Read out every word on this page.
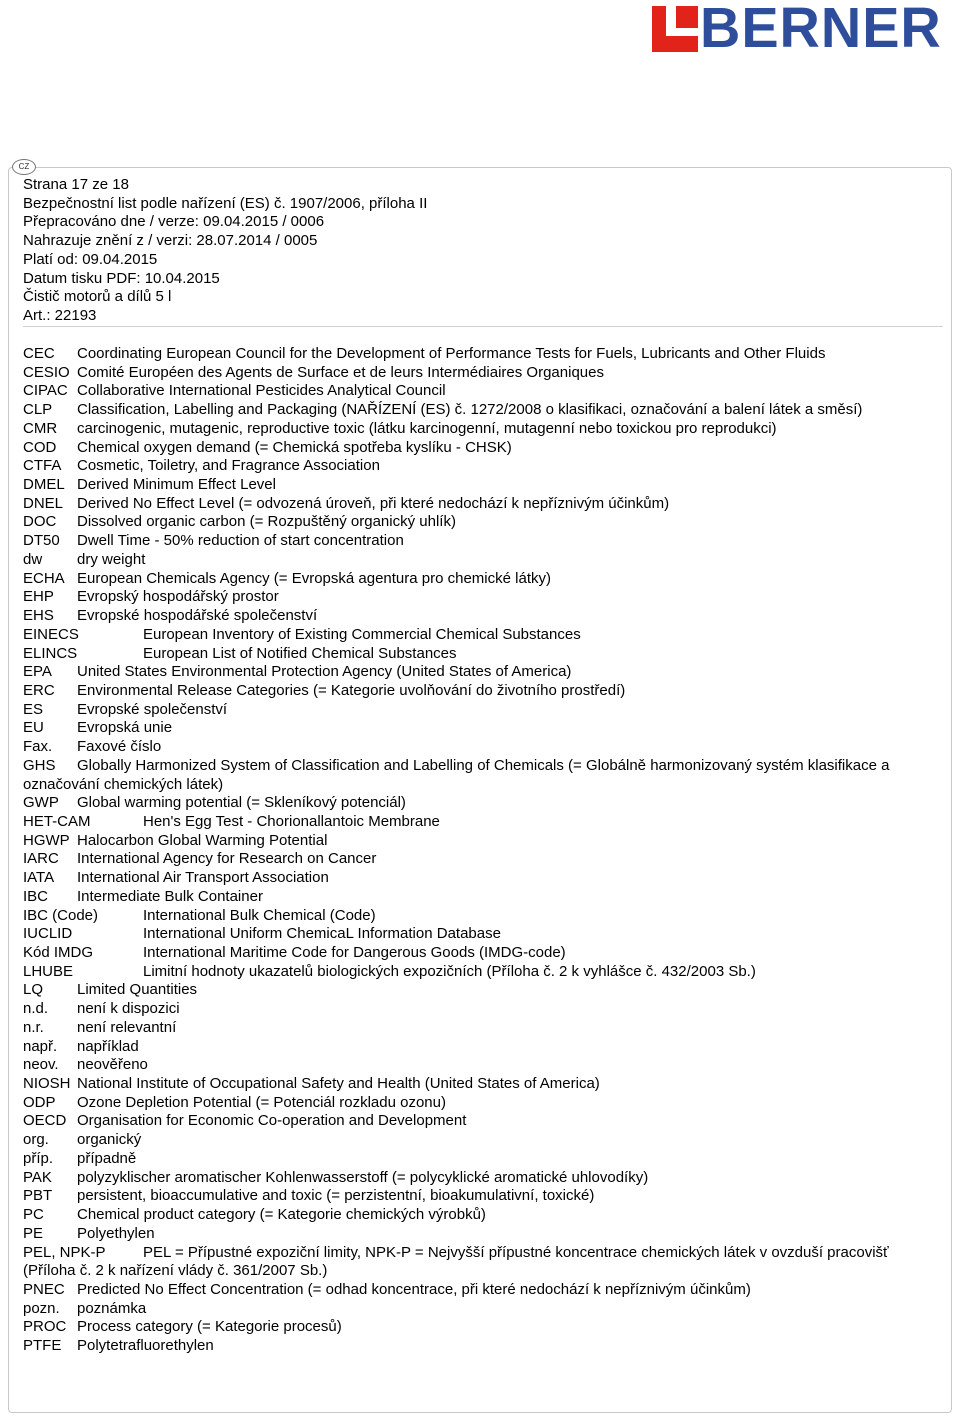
BERNER
CZ
Strana 17 ze 18
Bezpečnostní list podle nařízení (ES) č. 1907/2006, příloha II
Přepracováno dne / verze: 09.04.2015 / 0006
Nahrazuje znění z / verzi: 28.07.2014 / 0005
Platí od: 09.04.2015
Datum tisku PDF: 10.04.2015
Čistič motorů a dílů 5 l
Art.: 22193
CEC	Coordinating European Council for the Development of Performance Tests for Fuels, Lubricants and Other Fluids
CESIO Comité Européen des Agents de Surface et de leurs Intermédiaires Organiques
CIPAC Collaborative International Pesticides Analytical Council
CLP	Classification, Labelling and Packaging (NAŘÍZENÍ (ES) č. 1272/2008 o klasifikaci, označování a balení látek a směsí)
CMR	carcinogenic, mutagenic, reproductive toxic (látku karcinogenní, mutagenní nebo toxickou pro reprodukci)
COD	Chemical oxygen demand (= Chemická spotřeba kyslíku - CHSK)
CTFA	Cosmetic, Toiletry, and Fragrance Association
DMEL Derived Minimum Effect Level
DNEL Derived No Effect Level (= odvozená úroveň, při které nedochází k nepříznivým účinkům)
DOC	Dissolved organic carbon (= Rozpuštěný organický uhlík)
DT50	Dwell Time - 50% reduction of start concentration
dw	dry weight
ECHA European Chemicals Agency (= Evropská agentura pro chemické látky)
EHP	Evropský hospodářský prostor
EHS	Evropské hospodářské společenství
EINECS	European Inventory of Existing Commercial Chemical Substances
ELINCS	European List of Notified Chemical Substances
EPA	United States Environmental Protection Agency (United States of America)
ERC	Environmental Release Categories (= Kategorie uvolňování do životního prostředí)
ES	Evropské společenství
EU	Evropská unie
Fax.	Faxové číslo
GHS	Globally Harmonized System of Classification and Labelling of Chemicals (= Globálně harmonizovaný systém klasifikace a označování chemických látek)
GWP	Global warming potential (= Skleníkový potenciál)
HET-CAM	Hen's Egg Test - Chorionallantoic Membrane
HGWP Halocarbon Global Warming Potential
IARC	International Agency for Research on Cancer
IATA	International Air Transport Association
IBC	Intermediate Bulk Container
IBC (Code)	International Bulk Chemical (Code)
IUCLID	International Uniform ChemicaL Information Database
Kód IMDG	International Maritime Code for Dangerous Goods (IMDG-code)
LHUBE	Limitní hodnoty ukazatelů biologických expozičních (Příloha č. 2 k vyhlášce č. 432/2003 Sb.)
LQ	Limited Quantities
n.d.	není k dispozici
n.r.	není relevantní
např.	například
neov.	neověřeno
NIOSH National Institute of Occupational Safety and Health (United States of America)
ODP	Ozone Depletion Potential (= Potenciál rozkladu ozonu)
OECD Organisation for Economic Co-operation and Development
org.	organický
příp.	případně
PAK	polyzyklischer aromatischer Kohlenwasserstoff (= polycyklické aromatické uhlovodíky)
PBT	persistent, bioaccumulative and toxic (= perzistentní, bioakumulativní, toxické)
PC	Chemical product category (= Kategorie chemických výrobků)
PE	Polyethylen
PEL, NPK-P	PEL = Přípustné expoziční limity, NPK-P = Nejvyšší přípustné koncentrace chemických látek v ovzduší pracovišť (Příloha č. 2 k nařízení vlády č. 361/2007 Sb.)
PNEC Predicted No Effect Concentration (= odhad koncentrace, při které nedochází k nepříznivým účinkům)
pozn.	poznámka
PROC Process category (= Kategorie procesů)
PTFE	Polytetrafluorethylen
